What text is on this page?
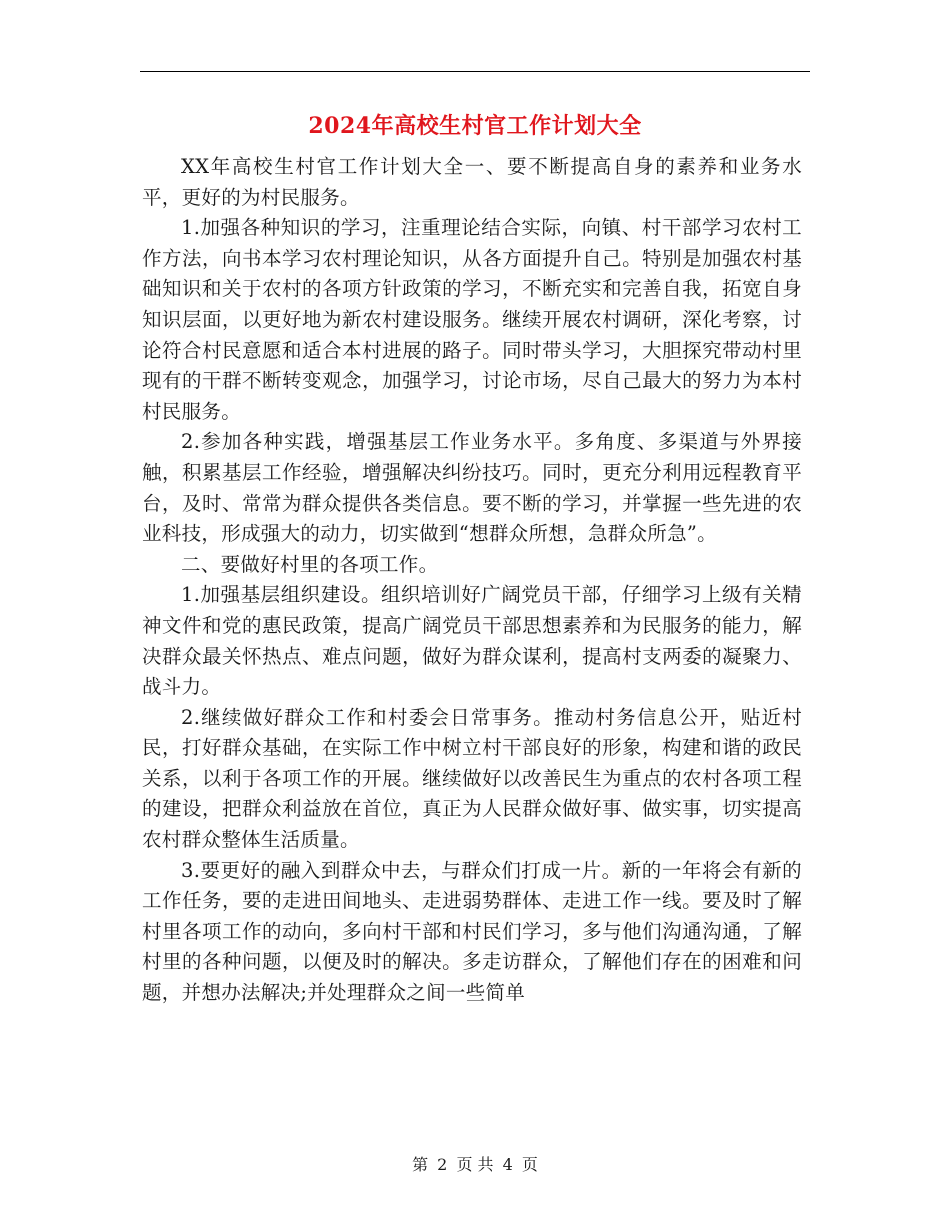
2024年高校生村官工作计划大全

XX年高校生村官工作计划大全一、要不断提高自身的素养和业务水平，更好的为村民服务。

1.加强各种知识的学习，注重理论结合实际，向镇、村干部学习农村工作方法，向书本学习农村理论知识，从各方面提升自己。特别是加强农村基础知识和关于农村的各项方针政策的学习，不断充实和完善自我，拓宽自身知识层面，以更好地为新农村建设服务。继续开展农村调研，深化考察，讨论符合村民意愿和适合本村进展的路子。同时带头学习，大胆探究带动村里现有的干群不断转变观念，加强学习，讨论市场，尽自己最大的努力为本村村民服务。

2.参加各种实践，增强基层工作业务水平。多角度、多渠道与外界接触，积累基层工作经验，增强解决纠纷技巧。同时，更充分利用远程教育平台，及时、常常为群众提供各类信息。要不断的学习，并掌握一些先进的农业科技，形成强大的动力，切实做到“想群众所想，急群众所急”。

二、要做好村里的各项工作。

1.加强基层组织建设。组织培训好广阔党员干部，仔细学习上级有关精神文件和党的惠民政策，提高广阔党员干部思想素养和为民服务的能力，解决群众最关怀热点、难点问题，做好为群众谋利，提高村支两委的凝聚力、战斗力。

2.继续做好群众工作和村委会日常事务。推动村务信息公开，贴近村民，打好群众基础，在实际工作中树立村干部良好的形象，构建和谐的政民关系，以利于各项工作的开展。继续做好以改善民生为重点的农村各项工程的建设，把群众利益放在首位，真正为人民群众做好事、做实事，切实提高农村群众整体生活质量。

3.要更好的融入到群众中去，与群众们打成一片。新的一年将会有新的工作任务，要的走进田间地头、走进弱势群体、走进工作一线。要及时了解村里各项工作的动向，多向村干部和村民们学习，多与他们沟通沟通，了解村里的各种问题，以便及时的解决。多走访群众，了解他们存在的困难和问题，并想办法解决;并处理群众之间一些简单

第 2 页 共 4 页
